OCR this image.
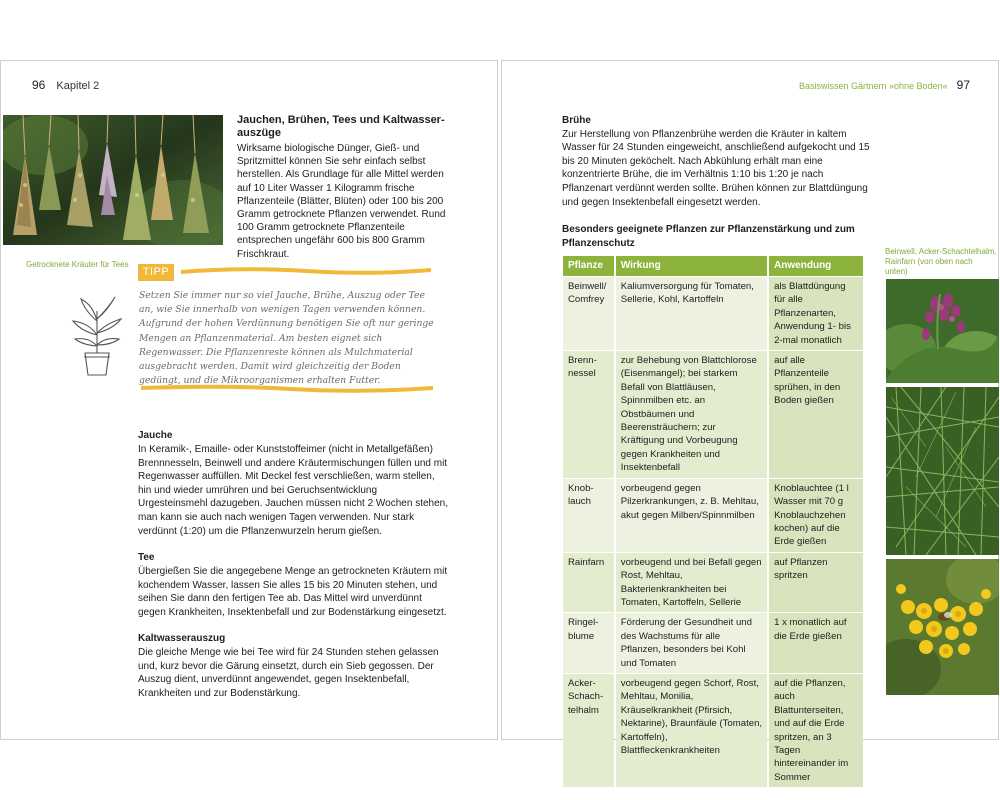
96 Kapitel 2
Getrocknete Kräuter für Tees
Jauchen, Brühen, Tees und Kaltwasser-auszüge

Wirksame biologische Dünger, Gieß- und Spritzmittel können Sie sehr einfach selbst herstellen. Als Grundlage für alle Mittel werden auf 10 Liter Wasser 1 Kilogramm frische Pflanzenteile (Blätter, Blüten) oder 100 bis 200 Gramm getrocknete Pflanzen verwendet. Rund 100 Gramm getrocknete Pflanzenteile entsprechen ungefähr 600 bis 800 Gramm Frischkraut.

TIPP

Setzen Sie immer nur so viel Jauche, Brühe, Auszug oder Tee an, wie Sie innerhalb von wenigen Tagen verwenden können. Aufgrund der hohen Verdünnung benötigen Sie oft nur geringe Mengen an Pflanzenmaterial. Am besten eignet sich Regenwasser. Die Pflanzenreste können als Mulchmaterial ausgebracht werden. Damit wird gleichzeitig der Boden gedüngt, und die Mikroorganismen erhalten Futter.

Jauche

In Keramik-, Emaille- oder Kunststoffeimer (nicht in Metallgefäßen) Brennnesseln, Beinwell und andere Kräutermischungen füllen und mit Regenwasser auffüllen. Mit Deckel fest verschließen, warm stellen, hin und wieder umrühren und bei Geruchsentwicklung Urgesteinsmehl dazugeben. Jauchen müssen nicht 2 Wochen stehen, man kann sie auch nach wenigen Tagen verwenden. Nur stark verdünnt (1:20) um die Pflanzenwurzeln herum gießen.

Tee

Übergießen Sie die angegebene Menge an getrockneten Kräutern mit kochendem Wasser, lassen Sie alles 15 bis 20 Minuten stehen, und seihen Sie dann den fertigen Tee ab. Das Mittel wird unverdünnt gegen Krankheiten, Insektenbefall und zur Bodenstärkung eingesetzt.

Kaltwasserauszug

Die gleiche Menge wie bei Tee wird für 24 Stunden stehen gelassen und, kurz bevor die Gärung einsetzt, durch ein Sieb gegossen. Der Auszug dient, unverdünnt angewendet, gegen Insektenbefall, Krankheiten und zur Bodenstärkung.

Basiswissen Gärtnern »ohne Boden« 97
Brühe

Zur Herstellung von Pflanzenbrühe werden die Kräuter in kaltem Wasser für 24 Stunden eingeweicht, anschließend aufgekocht und 15 bis 20 Minuten geköchelt. Nach Abkühlung erhält man eine konzentrierte Brühe, die im Verhältnis 1:10 bis 1:20 je nach Pflanzenart verdünnt werden sollte. Brühen können zur Blattdüngung und gegen Insektenbefall eingesetzt werden.

Besonders geeignete Pflanzen zur Pflanzenstärkung und zum Pflanzenschutz

Pflanze	Wirkung	Anwendung
Beinwell/ Comfrey	Kaliumversorgung für Tomaten, Sellerie, Kohl, Kartoffeln	als Blattdüngung für alle Pflanzenarten, Anwendung 1- bis 2-mal monatlich
Brenn-nessel	zur Behebung von Blattchlorose (Eisenmangel); bei starkem Befall von Blattläusen, Spinnmilben etc. an Obstbäumen und Beerensträuchern; zur Kräftigung und Vorbeugung gegen Krankheiten und Insektenbefall	auf alle Pflanzenteile sprühen, in den Boden gießen
Knob-lauch	vorbeugend gegen Pilzerkrankungen, z. B. Mehltau, akut gegen Milben/Spinnmilben	Knoblauchtee (1 l Wasser mit 70 g Knoblauchzehen kochen) auf die Erde gießen
Rainfarn	vorbeugend und bei Befall gegen Rost, Mehltau, Bakterienkrankheiten bei Tomaten, Kartoffeln, Sellerie	auf Pflanzen spritzen
Ringel-blume	Förderung der Gesundheit und des Wachstums für alle Pflanzen, besonders bei Kohl und Tomaten	1 x monatlich auf die Erde gießen
Acker-Schach-telhalm	vorbeugend gegen Schorf, Rost, Mehltau, Monilia, Kräuselkrankheit (Pfirsich, Nektarine), Braunfäule (Tomaten, Kartoffeln), Blattfleckenkrankheiten	auf die Pflanzen, auch Blattunterseiten, und auf die Erde spritzen, an 3 Tagen hintereinander im Sommer
Beinwell, Acker-Schachtelhalm, Rainfarn (von oben nach unten)
